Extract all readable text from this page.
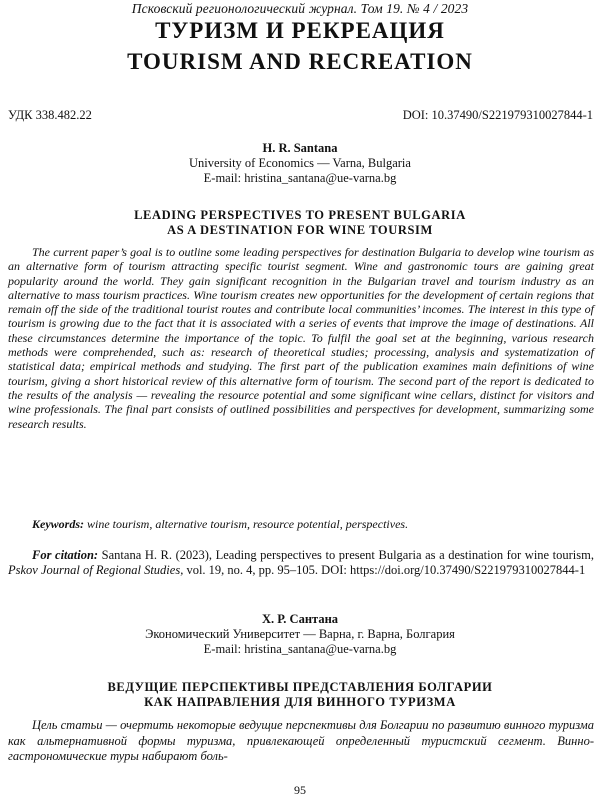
Псковский регионологический журнал. Том 19. № 4 / 2023
ТУРИЗМ И РЕКРЕАЦИЯ
TOURISM AND RECREATION
УДК 338.482.22	DOI: 10.37490/S221979310027844-1
H. R. Santana
University of Economics — Varna, Bulgaria
E-mail: hristina_santana@ue-varna.bg
LEADING PERSPECTIVES TO PRESENT BULGARIA
AS A DESTINATION FOR WINE TOURSIM

The current paper’s goal is to outline some leading perspectives for destination Bulgaria to develop wine tourism as an alternative form of tourism attracting specific tourist segment. Wine and gastronomic tours are gaining great popularity around the world. They gain significant recognition in the Bulgarian travel and tourism industry as an alternative to mass tourism practices. Wine tourism creates new opportunities for the development of certain regions that remain off the side of the traditional tourist routes and contribute local communities’ incomes. The interest in this type of tourism is growing due to the fact that it is associated with a series of events that improve the image of destinations. All these circumstances determine the importance of the topic. To fulfil the goal set at the beginning, various research methods were comprehended, such as: research of theoretical studies; processing, analysis and systematization of statistical data; empirical methods and studying. The first part of the publication examines main definitions of wine tourism, giving a short historical review of this alternative form of tourism. The second part of the report is dedicated to the results of the analysis — revealing the resource potential and some significant wine cellars, distinct for visitors and wine professionals. The final part consists of outlined possibilities and perspectives for development, summarizing some research results.

Keywords: wine tourism, alternative tourism, resource potential, perspectives.

For citation: Santana H. R. (2023), Leading perspectives to present Bulgaria as a destination for wine tourism, Pskov Journal of Regional Studies, vol. 19, no. 4, pp. 95–105. DOI: https://doi.org/10.37490/S221979310027844-1

Х. Р. Сантана
Экономический Университет — Варна, г. Варна, Болгария
E-mail: hristina_santana@ue-varna.bg
ВЕДУЩИЕ ПЕРСПЕКТИВЫ ПРЕДСТАВЛЕНИЯ БОЛГАРИИ
КАК НАПРАВЛЕНИЯ ДЛЯ ВИННОГО ТУРИЗМА

Цель статьи — очертить некоторые ведущие перспективы для Болгарии по развитию винного туризма как альтернативной формы туризма, привлекающей определенный туристский сегмент. Винно-гастрономические туры набирают боль-

95
